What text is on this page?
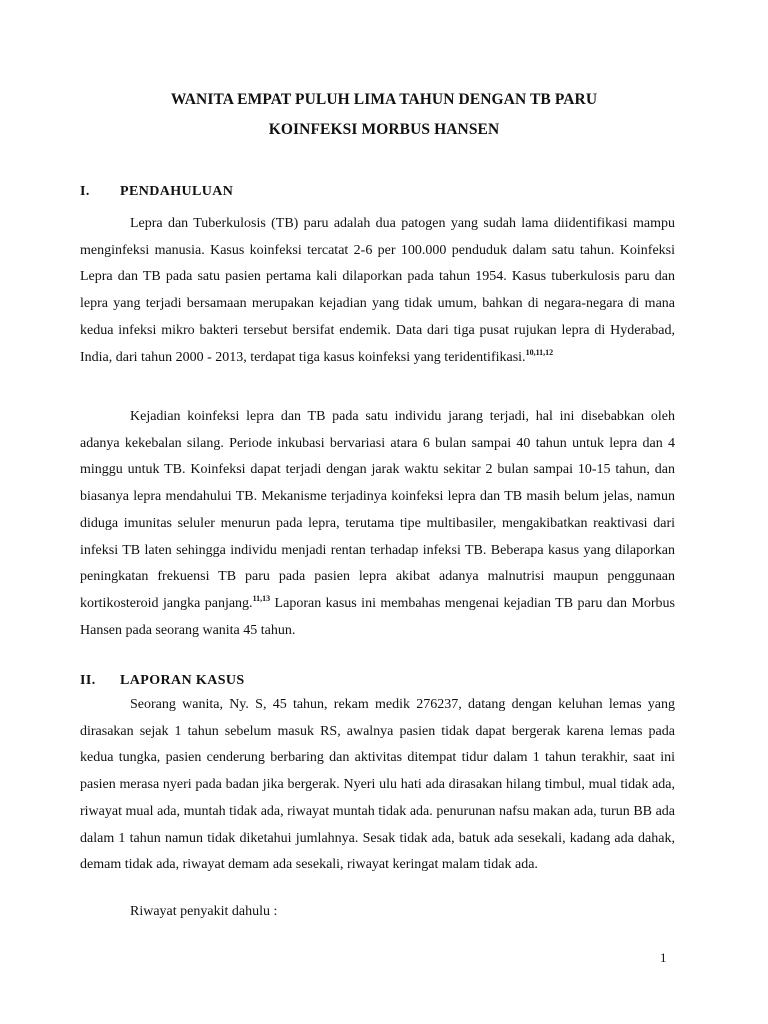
WANITA EMPAT PULUH LIMA TAHUN DENGAN TB PARU
KOINFEKSI MORBUS HANSEN
I. PENDAHULUAN

Lepra dan Tuberkulosis (TB) paru adalah dua patogen yang sudah lama diidentifikasi mampu menginfeksi manusia. Kasus koinfeksi tercatat 2-6 per 100.000 penduduk dalam satu tahun. Koinfeksi Lepra dan TB pada satu pasien pertama kali dilaporkan pada tahun 1954. Kasus tuberkulosis paru dan lepra yang terjadi bersamaan merupakan kejadian yang tidak umum, bahkan di negara-negara di mana kedua infeksi mikro bakteri tersebut bersifat endemik. Data dari tiga pusat rujukan lepra di Hyderabad, India, dari tahun 2000 - 2013, terdapat tiga kasus koinfeksi yang teridentifikasi.$^{10,11,12}$

Kejadian koinfeksi lepra dan TB pada satu individu jarang terjadi, hal ini disebabkan oleh adanya kekebalan silang. Periode inkubasi bervariasi atara 6 bulan sampai 40 tahun untuk lepra dan 4 minggu untuk TB. Koinfeksi dapat terjadi dengan jarak waktu sekitar 2 bulan sampai 10-15 tahun, dan biasanya lepra mendahului TB. Mekanisme terjadinya koinfeksi lepra dan TB masih belum jelas, namun diduga imunitas seluler menurun pada lepra, terutama tipe multibasiler, mengakibatkan reaktivasi dari infeksi TB laten sehingga individu menjadi rentan terhadap infeksi TB. Beberapa kasus yang dilaporkan peningkatan frekuensi TB paru pada pasien lepra akibat adanya malnutrisi maupun penggunaan kortikosteroid jangka panjang.$^{11,13}$ Laporan kasus ini membahas mengenai kejadian TB paru dan Morbus Hansen pada seorang wanita 45 tahun.

II. LAPORAN KASUS

Seorang wanita, Ny. S, 45 tahun, rekam medik 276237, datang dengan keluhan lemas yang dirasakan sejak 1 tahun sebelum masuk RS, awalnya pasien tidak dapat bergerak karena lemas pada kedua tungka, pasien cenderung berbaring dan aktivitas ditempat tidur dalam 1 tahun terakhir, saat ini pasien merasa nyeri pada badan jika bergerak. Nyeri ulu hati ada dirasakan hilang timbul, mual tidak ada, riwayat mual ada, muntah tidak ada, riwayat muntah tidak ada. penurunan nafsu makan ada, turun BB ada dalam 1 tahun namun tidak diketahui jumlahnya. Sesak tidak ada, batuk ada sesekali, kadang ada dahak, demam tidak ada, riwayat demam ada sesekali, riwayat keringat malam tidak ada.

Riwayat penyakit dahulu :

1
